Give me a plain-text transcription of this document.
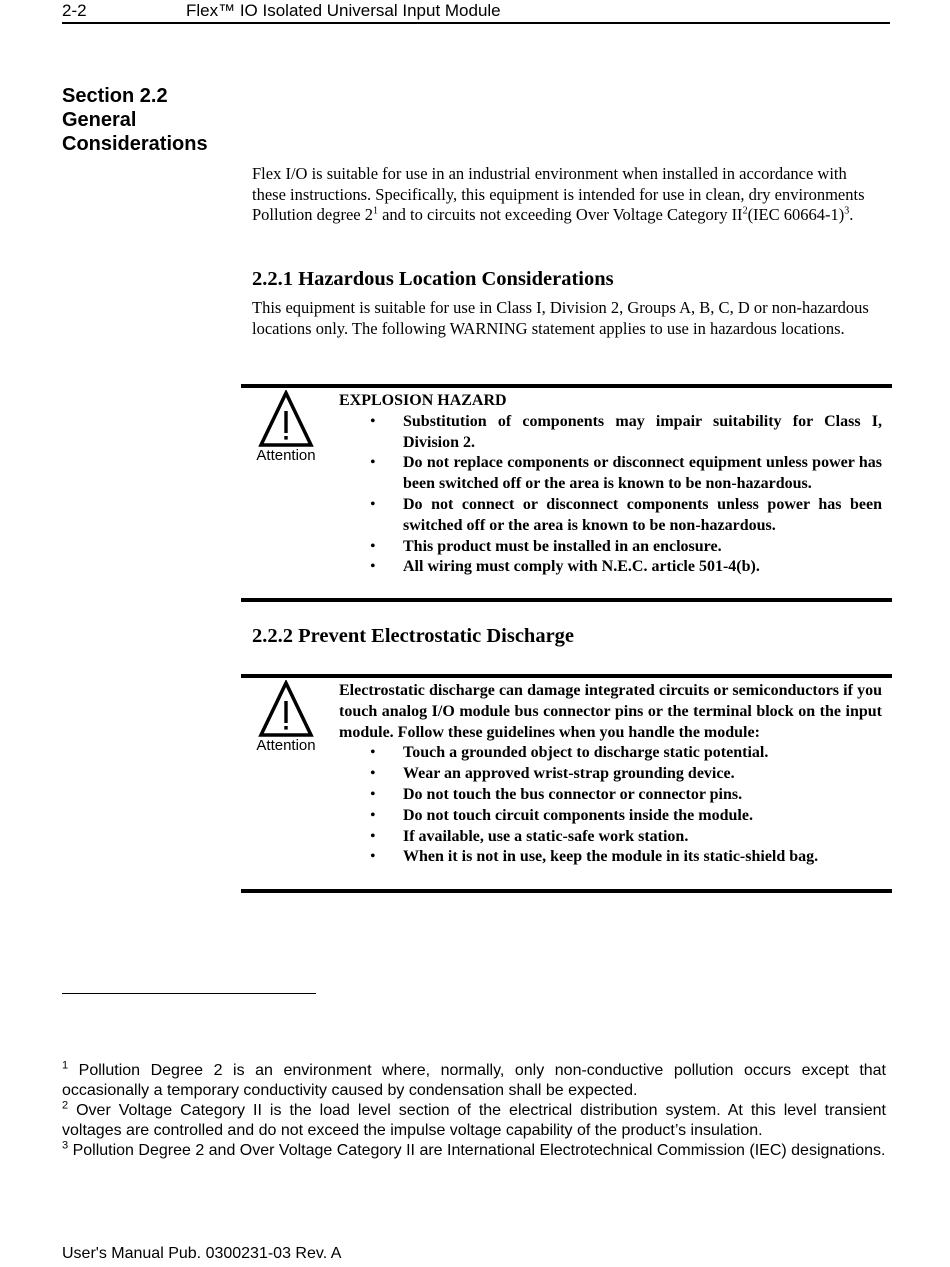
2-2	Flex™ IO Isolated Universal Input Module
Section 2.2
General
Considerations
Flex I/O is suitable for use in an industrial environment when installed in accordance with these instructions. Specifically, this equipment is intended for use in clean, dry environments Pollution degree $2^1$ and to circuits not exceeding Over Voltage Category $II^2(IEC$ 60664-1)$^3$.
2.2.1 Hazardous Location Considerations
This equipment is suitable for use in Class I, Division 2, Groups A, B, C, D or non-hazardous locations only. The following WARNING statement applies to use in hazardous locations.
Attention
EXPLOSION HAZARD
• Substitution of components may impair suitability for Class I, Division 2.
• Do not replace components or disconnect equipment unless power has been switched off or the area is known to be non-hazardous.
• Do not connect or disconnect components unless power has been switched off or the area is known to be non-hazardous.
• This product must be installed in an enclosure.
• All wiring must comply with N.E.C. article 501-4(b).
2.2.2 Prevent Electrostatic Discharge
Attention
Electrostatic discharge can damage integrated circuits or semiconductors if you touch analog I/O module bus connector pins or the terminal block on the input module. Follow these guidelines when you handle the module:
• Touch a grounded object to discharge static potential.
• Wear an approved wrist-strap grounding device.
• Do not touch the bus connector or connector pins.
• Do not touch circuit components inside the module.
• If available, use a static-safe work station.
• When it is not in use, keep the module in its static-shield bag.
$^1$ Pollution Degree 2 is an environment where, normally, only non-conductive pollution occurs except that occasionally a temporary conductivity caused by condensation shall be expected.
$^2$ Over Voltage Category II is the load level section of the electrical distribution system. At this level transient voltages are controlled and do not exceed the impulse voltage capability of the product’s insulation.
$^3$ Pollution Degree 2 and Over Voltage Category II are International Electrotechnical Commission (IEC) designations.
User's Manual Pub. 0300231-03 Rev. A
